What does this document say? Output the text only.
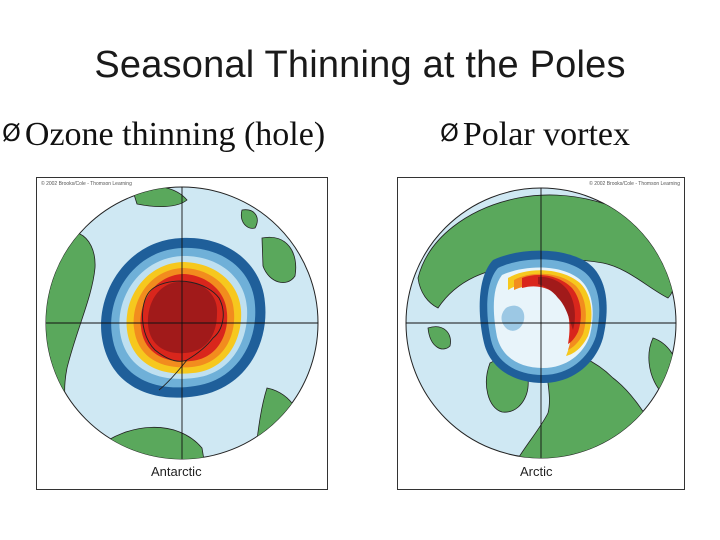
Seasonal Thinning at the Poles
Ø Ozone thinning (hole)	Ø Polar vortex
© 2002 Brooks/Cole - Thomson Learning
Antarctic
© 2002 Brooks/Cole - Thomson Learning
Arctic
